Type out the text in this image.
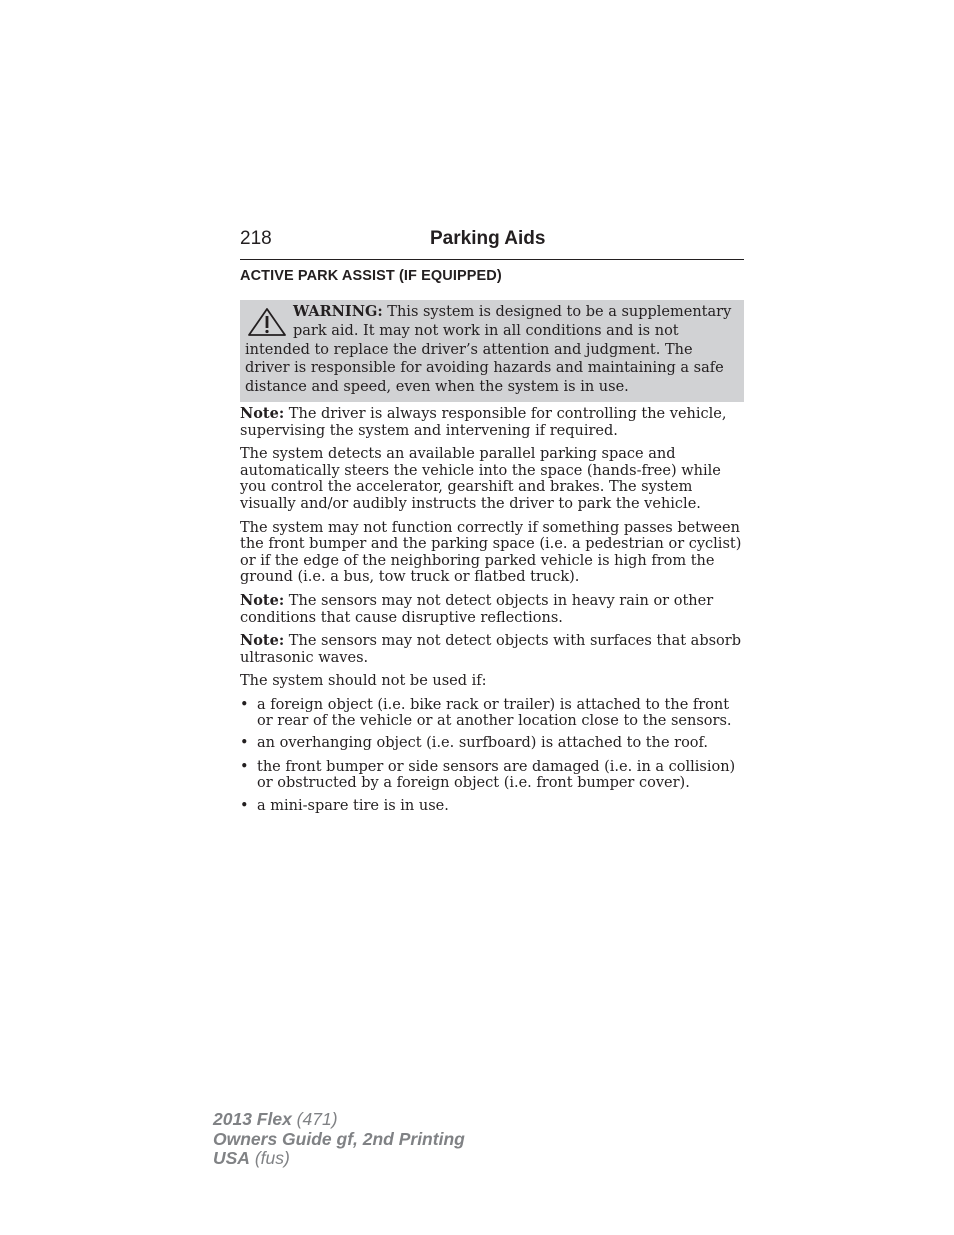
218	Parking Aids
ACTIVE PARK ASSIST (IF EQUIPPED)
WARNING: This system is designed to be a supplementary park aid. It may not work in all conditions and is not intended to replace the driver’s attention and judgment. The driver is responsible for avoiding hazards and maintaining a safe distance and speed, even when the system is in use.

Note: The driver is always responsible for controlling the vehicle, supervising the system and intervening if required.

The system detects an available parallel parking space and automatically steers the vehicle into the space (hands-free) while you control the accelerator, gearshift and brakes. The system visually and/or audibly instructs the driver to park the vehicle.

The system may not function correctly if something passes between the front bumper and the parking space (i.e. a pedestrian or cyclist) or if the edge of the neighboring parked vehicle is high from the ground (i.e. a bus, tow truck or flatbed truck).

Note: The sensors may not detect objects in heavy rain or other conditions that cause disruptive reflections.

Note: The sensors may not detect objects with surfaces that absorb ultrasonic waves.

The system should not be used if:

• a foreign object (i.e. bike rack or trailer) is attached to the front or rear of the vehicle or at another location close to the sensors.
• an overhanging object (i.e. surfboard) is attached to the roof.
• the front bumper or side sensors are damaged (i.e. in a collision) or obstructed by a foreign object (i.e. front bumper cover).
• a mini-spare tire is in use.
2013 Flex (471)
Owners Guide gf, 2nd Printing
USA (fus)
